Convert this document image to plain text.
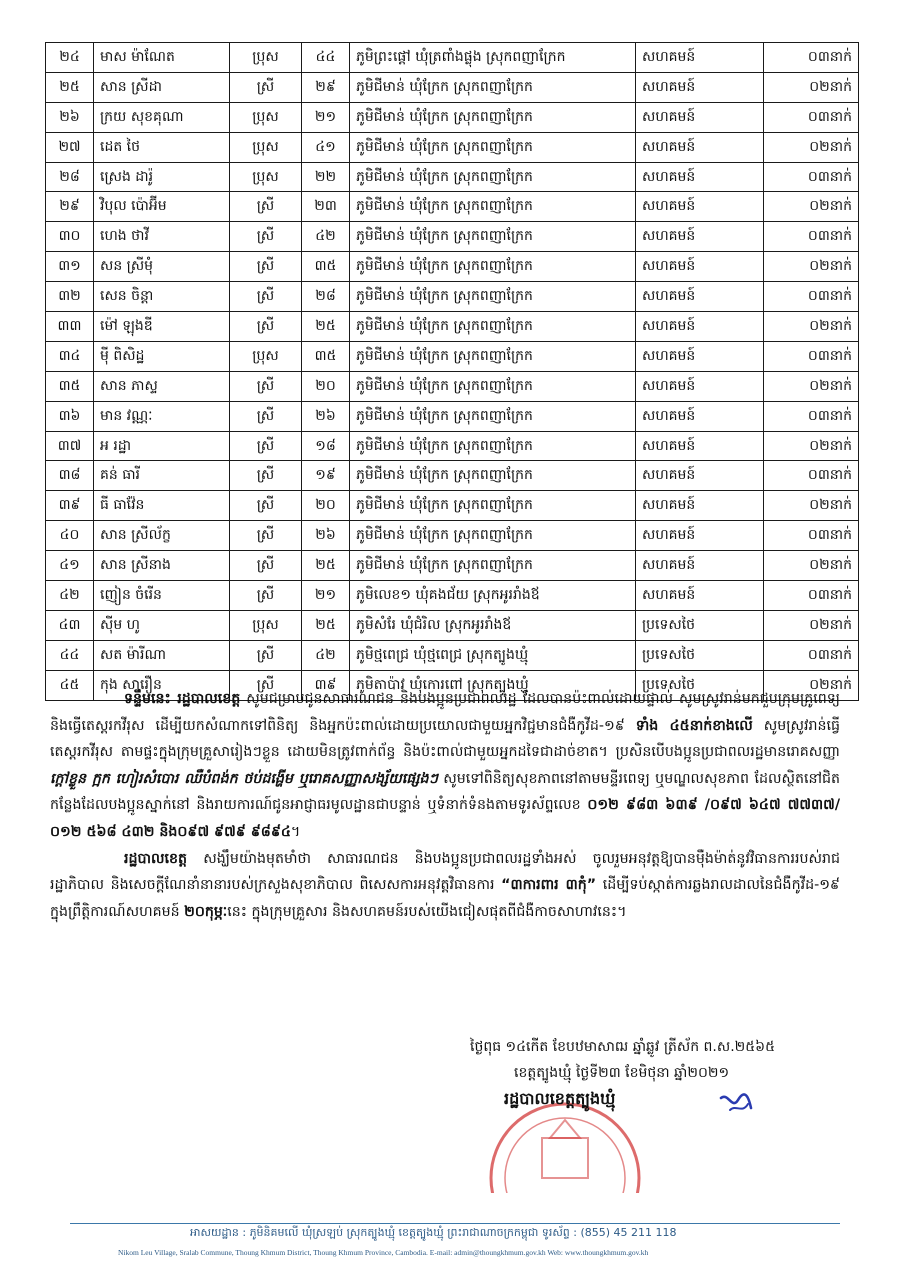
២៤	មាស ម៉ាណែត	ប្រុស	៤៤	ភូមិព្រះផ្ដៅ ឃុំត្រពាំងផ្លុង ស្រុកពញាក្រែក	សហគមន៍	០៣នាក់
២៥	សាន ស្រីដា	ស្រី	២៩	ភូមិជីមាន់ ឃុំក្រែក ស្រុកពញាក្រែក	សហគមន៍	០២នាក់
២៦	ក្រយ សុខគុណា	ប្រុស	២១	ភូមិជីមាន់ ឃុំក្រែក ស្រុកពញាក្រែក	សហគមន៍	០៣នាក់
២៧	ដេត ថៃ	ប្រុស	៤១	ភូមិជីមាន់ ឃុំក្រែក ស្រុកពញាក្រែក	សហគមន៍	០២នាក់
២៨	ស្រេង ដារ៉ូ	ប្រុស	២២	ភូមិជីមាន់ ឃុំក្រែក ស្រុកពញាក្រែក	សហគមន៍	០៣នាក់
២៩	វិបុល ប៉ោអ៊ីម	ស្រី	២៣	ភូមិជីមាន់ ឃុំក្រែក ស្រុកពញាក្រែក	សហគមន៍	០២នាក់
៣០	ហេង ថាវី	ស្រី	៤២	ភូមិជីមាន់ ឃុំក្រែក ស្រុកពញាក្រែក	សហគមន៍	០៣នាក់
៣១	សន ស្រីមុំ	ស្រី	៣៥	ភូមិជីមាន់ ឃុំក្រែក ស្រុកពញាក្រែក	សហគមន៍	០២នាក់
៣២	សេន ចិន្តា	ស្រី	២៨	ភូមិជីមាន់ ឃុំក្រែក ស្រុកពញាក្រែក	សហគមន៍	០៣នាក់
៣៣	ម៉ៅ ឡុងឌី	ស្រី	២៥	ភូមិជីមាន់ ឃុំក្រែក ស្រុកពញាក្រែក	សហគមន៍	០២នាក់
៣៤	ម៉ី ពិសិដ្ឋ	ប្រុស	៣៥	ភូមិជីមាន់ ឃុំក្រែក ស្រុកពញាក្រែក	សហគមន៍	០៣នាក់
៣៥	សាន ភាស្ទ	ស្រី	២០	ភូមិជីមាន់ ឃុំក្រែក ស្រុកពញាក្រែក	សហគមន៍	០២នាក់
៣៦	មាន វណ្ណៈ	ស្រី	២៦	ភូមិជីមាន់ ឃុំក្រែក ស្រុកពញាក្រែក	សហគមន៍	០៣នាក់
៣៧	អ រដ្ឋា	ស្រី	១៨	ភូមិជីមាន់ ឃុំក្រែក ស្រុកពញាក្រែក	សហគមន៍	០២នាក់
៣៨	គន់ ធារី	ស្រី	១៩	ភូមិជីមាន់ ឃុំក្រែក ស្រុកពញាក្រែក	សហគមន៍	០៣នាក់
៣៩	ធី ធាវ៉ែន	ស្រី	២០	ភូមិជីមាន់ ឃុំក្រែក ស្រុកពញាក្រែក	សហគមន៍	០២នាក់
៤០	សាន ស្រីល័ក្ខ	ស្រី	២៦	ភូមិជីមាន់ ឃុំក្រែក ស្រុកពញាក្រែក	សហគមន៍	០៣នាក់
៤១	សាន ស្រីនាង	ស្រី	២៥	ភូមិជីមាន់ ឃុំក្រែក ស្រុកពញាក្រែក	សហគមន៍	០២នាក់
៤២	ញៀន ចំរើន	ស្រី	២១	ភូមិលេខ១ ឃុំគងជ័យ ស្រុកអូររាំងឪ	សហគមន៍	០៣នាក់
៤៣	ស៊ីម ហូ	ប្រុស	២៥	ភូមិសំរែ ឃុំជំរិល ស្រុកអូររាំងឪ	ប្រទេសថៃ	០២នាក់
៤៤	សត ម៉ារីណា	ស្រី	៤២	ភូមិថ្មពេជ្រ ឃុំថ្មពេជ្រ ស្រុកត្បូងឃ្មុំ	ប្រទេសថៃ	០៣នាក់
៤៥	កុង សារឿន	ស្រី	៣៩	ភូមិតាប៉ាវ ឃុំកោរពៅ ស្រុកត្បូងឃ្មុំ	ប្រទេសថៃ	០២នាក់

ទន្ទឹមនេះ រដ្ឋបាលខេត្ត សូមជម្រាបជូនសាធារណជន និងបងប្អូនប្រជាពលរដ្ឋ ដែលបានប៉ះពាល់ដោយផ្ទាល់ សូមស្រូវរាន់មកជួបក្រុមគ្រូពេទ្យ និងធ្វើតេស្តរកវីរុស ដើម្បីយកសំណាកទៅពិនិត្យ និងអ្នកប៉ះពាល់ដោយប្រយោលជាមួយអ្នកវិជ្ជមានជំងឺកូវីដ-១៩ ទាំង ៤៥នាក់ខាងលើ សូមស្រូវរាន់ធ្វើតេស្តរកវីរុស តាមផ្ទះក្នុងក្រុមគ្រួសារៀងៗខ្លួន ដោយមិនត្រូវពាក់ព័ន្ធ និងប៉ះពាល់ជាមួយអ្នកដទៃជាដាច់ខាត។ ប្រសិនបើបងប្អូនប្រជាពលរដ្ឋមានរោគសញ្ញា ក្ដៅខ្លួន ក្អក ហៀរសំបោរ ឈឺបំពង់ក ថប់ដង្ហើម ឬរោគសញ្ញាសង្ស័យផ្សេងៗ សូមទៅពិនិត្យសុខភាពនៅតាមមន្ទីរពេទ្យ ឬមណ្ឌលសុខភាព ដែលស្ថិតនៅជិតកន្លែងដែលបងប្អូនស្នាក់នៅ និងរាយការណ៍ជូនអាជ្ញាធរមូលដ្ឋានជាបន្ទាន់ ឬទំនាក់ទំនងតាមទូរស័ព្ទលេខ ០១២ ៩៨៣ ៦៣៩ /០៩៧ ៦៤៧ ៧៧៣៧/ ០១២ ៥៦៨ ៤៣២ និង០៩៧ ៩៧៩ ៩៨៩៤។

រដ្ឋបាលខេត្ត សង្ឃឹមយ៉ាងមុតមាំថា សាធារណជន និងបងប្អូនប្រជាពលរដ្ឋទាំងអស់ ចូលរួមអនុវត្តឱ្យបានម៉ឺងម៉ាត់នូវវិធានការរបស់រាជរដ្ឋាភិបាល និងសេចក្តីណែនាំនានារបស់ក្រសួងសុខាភិបាល ពិសេសការអនុវត្តវិធានការ “៣ការពារ ៣កុំ” ដើម្បីទប់ស្កាត់ការឆ្លងរាលដាលនៃជំងឺកូវីដ-១៩ ក្នុងព្រឹត្តិការណ៍សហគមន៍ ២០កុម្ភៈនេះ ក្នុងក្រុមគ្រួសារ និងសហគមន៍របស់យើងជៀសផុតពីជំងឺកាចសាហាវនេះ។

ថ្ងៃពុធ ១៤កើត ខែបឋមាសាឍ ឆ្នាំឆ្លូវ ត្រីស័ក ព.ស.២៥៦៥
ខេត្តត្បូងឃ្មុំ ថ្ងៃទី២៣ ខែមិថុនា ឆ្នាំ២០២១
រដ្ឋបាលខេត្តត្បូងឃ្មុំ
អាសយដ្ឋាន : ភូមិនិគមលើ ឃុំស្រឡប់ ស្រុកត្បូងឃ្មុំ ខេត្តត្បូងឃ្មុំ ព្រះរាជាណាចក្រកម្ពុជា ទូរស័ព្ទ : (855) 45 211 118
Nikom Leu Village, Sralab Commune, Thoung Khmum District, Thoung Khmum Province, Cambodia. E-mail: admin@thoungkhmum.gov.kh Web: www.thoungkhmum.gov.kh
